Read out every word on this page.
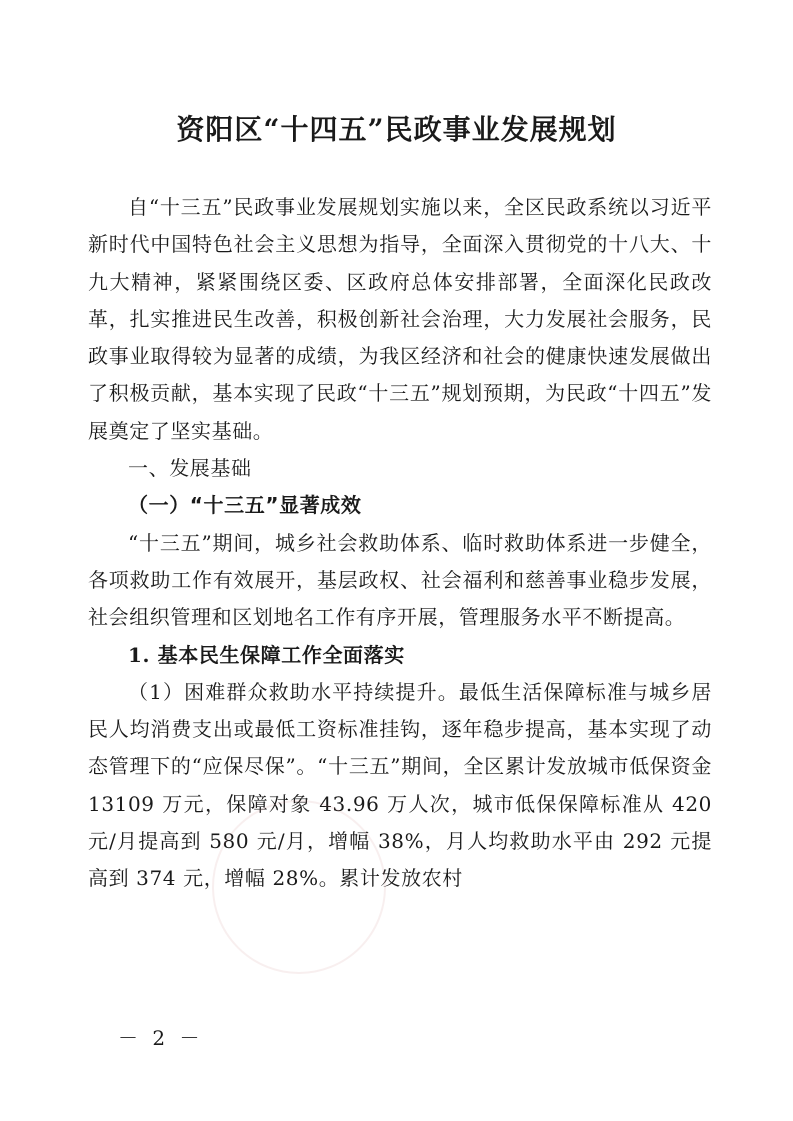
资阳区“十四五”民政事业发展规划

自“十三五”民政事业发展规划实施以来，全区民政系统以习近平新时代中国特色社会主义思想为指导，全面深入贯彻党的十八大、十九大精神，紧紧围绕区委、区政府总体安排部署，全面深化民政改革，扎实推进民生改善，积极创新社会治理，大力发展社会服务，民政事业取得较为显著的成绩，为我区经济和社会的健康快速发展做出了积极贡献，基本实现了民政“十三五”规划预期，为民政“十四五”发展奠定了坚实基础。

一、发展基础

（一）“十三五”显著成效

“十三五”期间，城乡社会救助体系、临时救助体系进一步健全，各项救助工作有效展开，基层政权、社会福利和慈善事业稳步发展，社会组织管理和区划地名工作有序开展，管理服务水平不断提高。

1. 基本民生保障工作全面落实

（1）困难群众救助水平持续提升。最低生活保障标准与城乡居民人均消费支出或最低工资标准挂钩，逐年稳步提高，基本实现了动态管理下的“应保尽保”。“十三五”期间，全区累计发放城市低保资金 13109 万元，保障对象 43.96 万人次，城市低保保障标准从 420 元/月提高到 580 元/月，增幅 38%，月人均救助水平由 292 元提高到 374 元，增幅 28%。累计发放农村

－ 2 －
